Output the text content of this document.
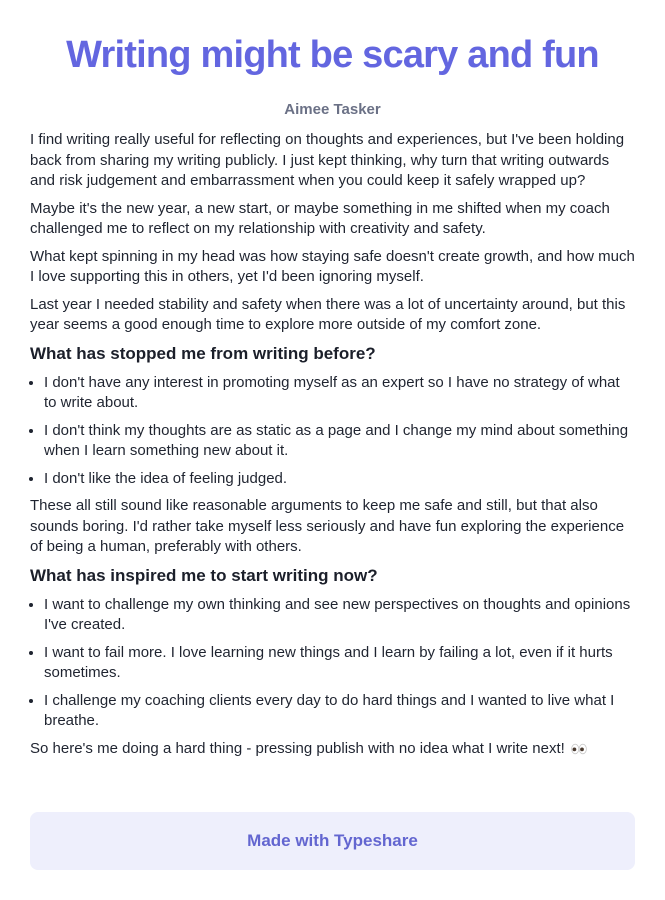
Writing might be scary and fun
Aimee Tasker

I find writing really useful for reflecting on thoughts and experiences, but I've been holding back from sharing my writing publicly. I just kept thinking, why turn that writing outwards and risk judgement and embarrassment when you could keep it safely wrapped up?

Maybe it's the new year, a new start, or maybe something in me shifted when my coach challenged me to reflect on my relationship with creativity and safety.

What kept spinning in my head was how staying safe doesn't create growth, and how much I love supporting this in others, yet I'd been ignoring myself.

Last year I needed stability and safety when there was a lot of uncertainty around, but this year seems a good enough time to explore more outside of my comfort zone.

What has stopped me from writing before?
• I don't have any interest in promoting myself as an expert so I have no strategy of what to write about.
• I don't think my thoughts are as static as a page and I change my mind about something when I learn something new about it.
• I don't like the idea of feeling judged.

These all still sound like reasonable arguments to keep me safe and still, but that also sounds boring. I'd rather take myself less seriously and have fun exploring the experience of being a human, preferably with others.

What has inspired me to start writing now?
• I want to challenge my own thinking and see new perspectives on thoughts and opinions I've created.
• I want to fail more. I love learning new things and I learn by failing a lot, even if it hurts sometimes.
• I challenge my coaching clients every day to do hard things and I wanted to live what I breathe.

So here's me doing a hard thing - pressing publish with no idea what I write next!

Made with Typeshare
